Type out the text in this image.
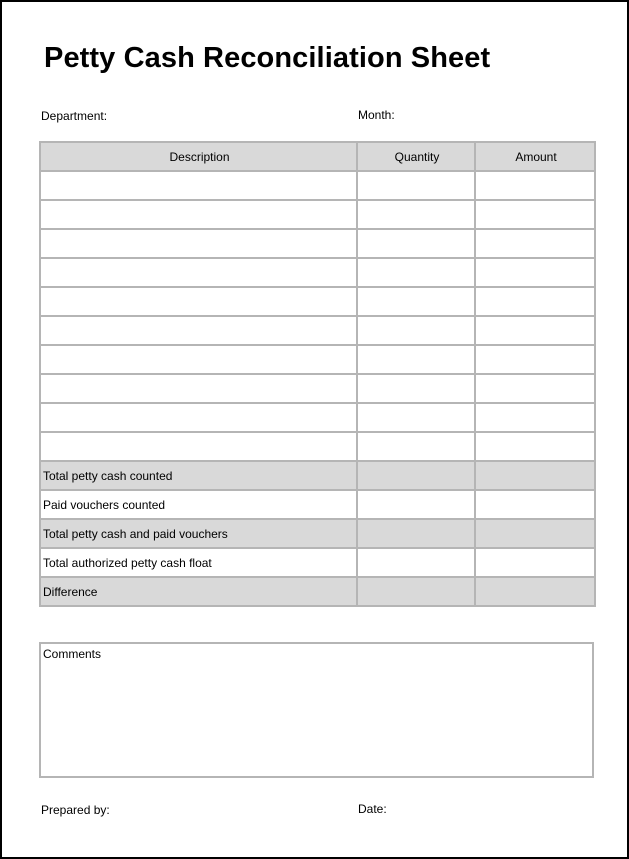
Petty Cash Reconciliation Sheet
Department:	Month:
Description	Quantity	Amount

Total petty cash counted		
Paid vouchers counted		
Total petty cash and paid vouchers		
Total authorized petty cash float		
Difference		
Comments
Prepared by:	Date:
